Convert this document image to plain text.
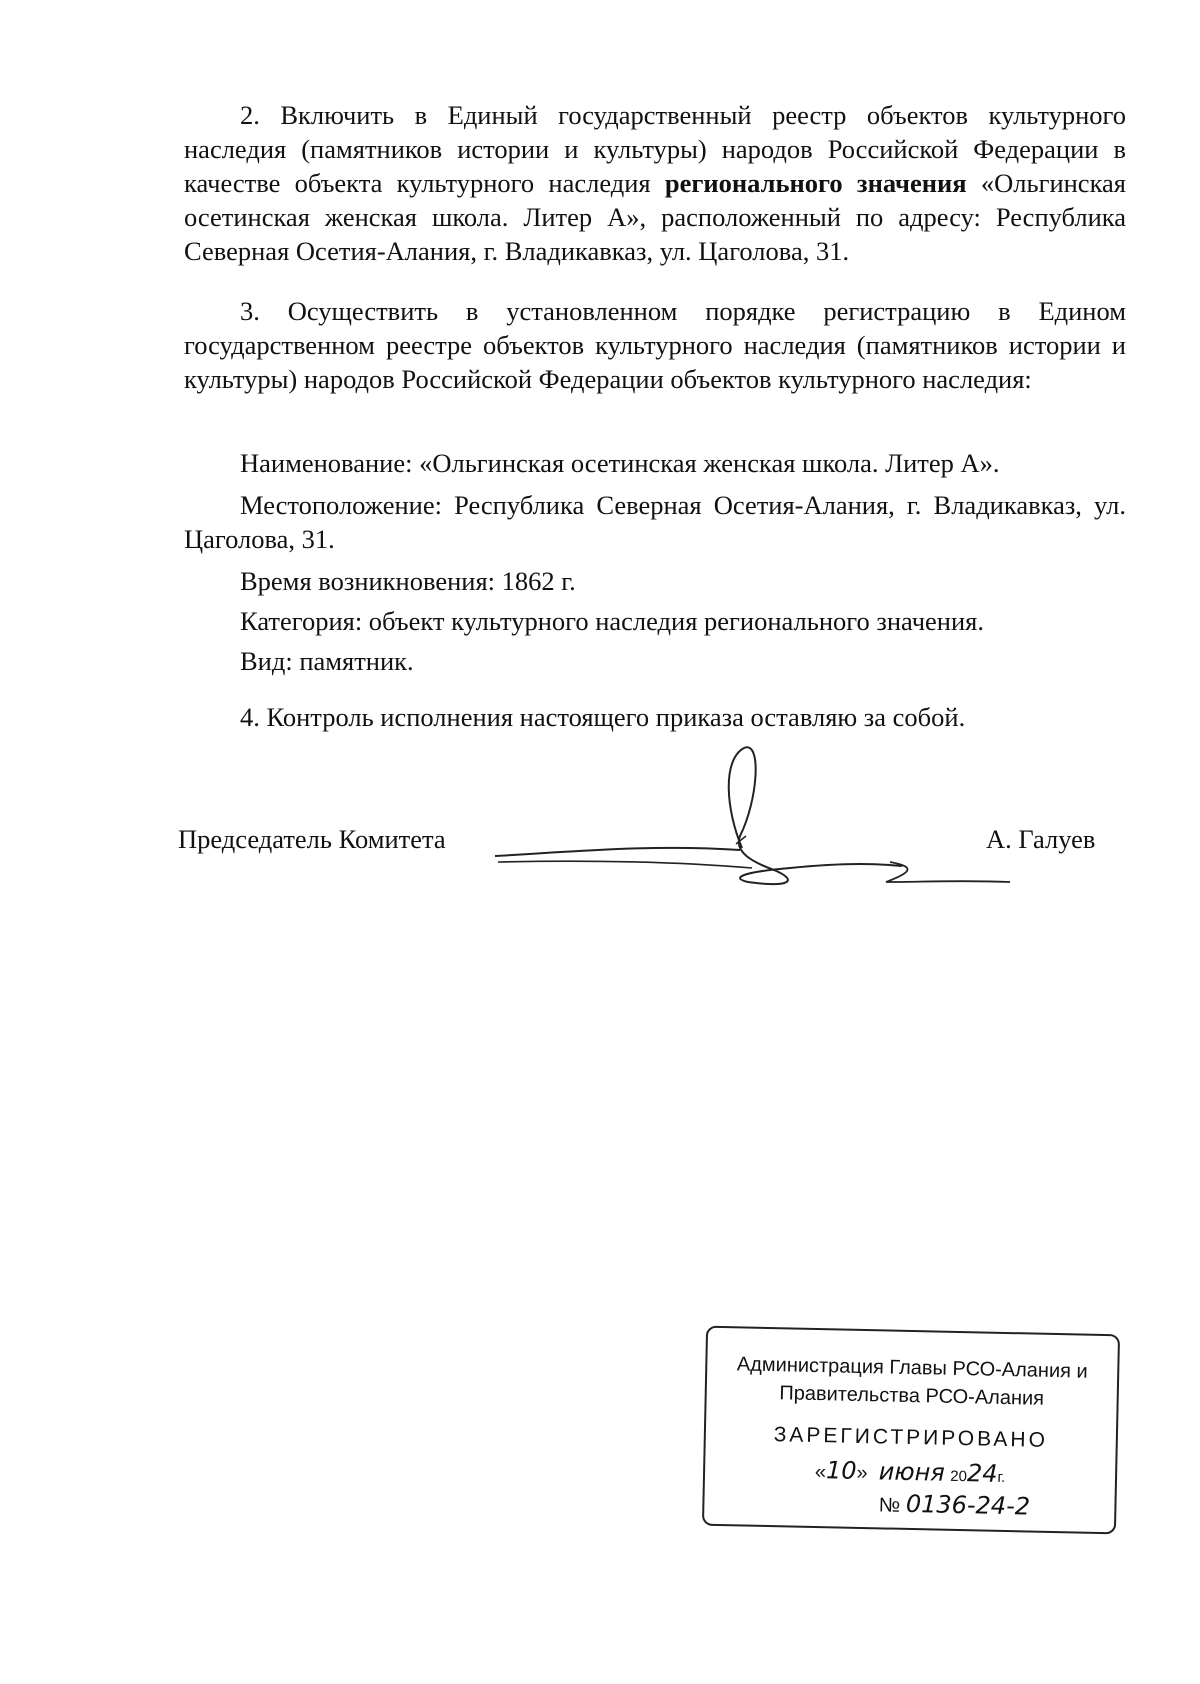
2. Включить в Единый государственный реестр объектов культурного наследия (памятников истории и культуры) народов Российской Федерации в качестве объекта культурного наследия регионального значения «Ольгинская осетинская женская школа. Литер А», расположенный по адресу: Республика Северная Осетия-Алания, г. Владикавказ, ул. Цаголова, 31.

3. Осуществить в установленном порядке регистрацию в Едином государственном реестре объектов культурного наследия (памятников истории и культуры) народов Российской Федерации объектов культурного наследия:

Наименование: «Ольгинская осетинская женская школа. Литер А».

Местоположение: Республика Северная Осетия-Алания, г. Владикавказ, ул. Цаголова, 31.

Время возникновения: 1862 г.

Категория: объект культурного наследия регионального значения.

Вид: памятник.

4. Контроль исполнения настоящего приказа оставляю за собой.

Председатель Комитета	А. Галуев
Администрация Главы РСО-Алания и
Правительства РСО-Алания
ЗАРЕГИСТРИРОВАНО
«10»  июня 2024г.
№ 0136-24-2
